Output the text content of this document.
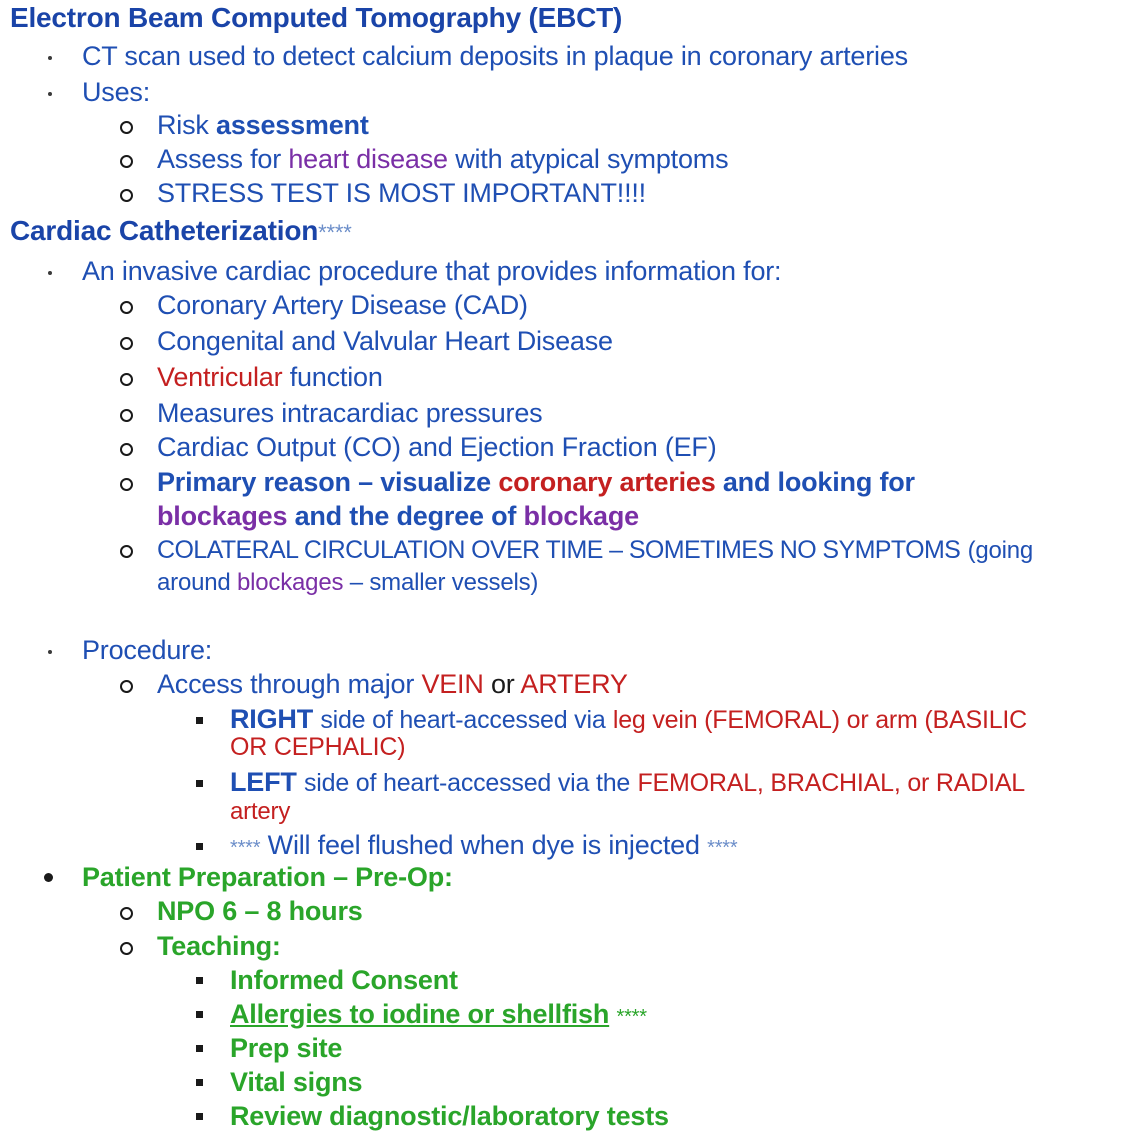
Electron Beam Computed Tomography (EBCT)
CT scan used to detect calcium deposits in plaque in coronary arteries
Uses:
Risk assessment
Assess for heart disease with atypical symptoms
STRESS TEST IS MOST IMPORTANT!!!!
Cardiac Catheterization****
An invasive cardiac procedure that provides information for:
Coronary Artery Disease (CAD)
Congenital and Valvular Heart Disease
Ventricular function
Measures intracardiac pressures
Cardiac Output (CO) and Ejection Fraction (EF)
Primary reason – visualize coronary arteries and looking for
blockages and the degree of blockage
COLATERAL CIRCULATION OVER TIME – SOMETIMES NO SYMPTOMS (going
around blockages – smaller vessels)
Procedure:
Access through major VEIN or ARTERY
RIGHT side of heart-accessed via leg vein (FEMORAL) or arm (BASILIC
OR CEPHALIC)
LEFT side of heart-accessed via the FEMORAL, BRACHIAL, or RADIAL
artery
**** Will feel flushed when dye is injected ****
Patient Preparation – Pre-Op:
NPO 6 – 8 hours
Teaching:
Informed Consent
Allergies to iodine or shellfish ****
Prep site
Vital signs
Review diagnostic/laboratory tests
